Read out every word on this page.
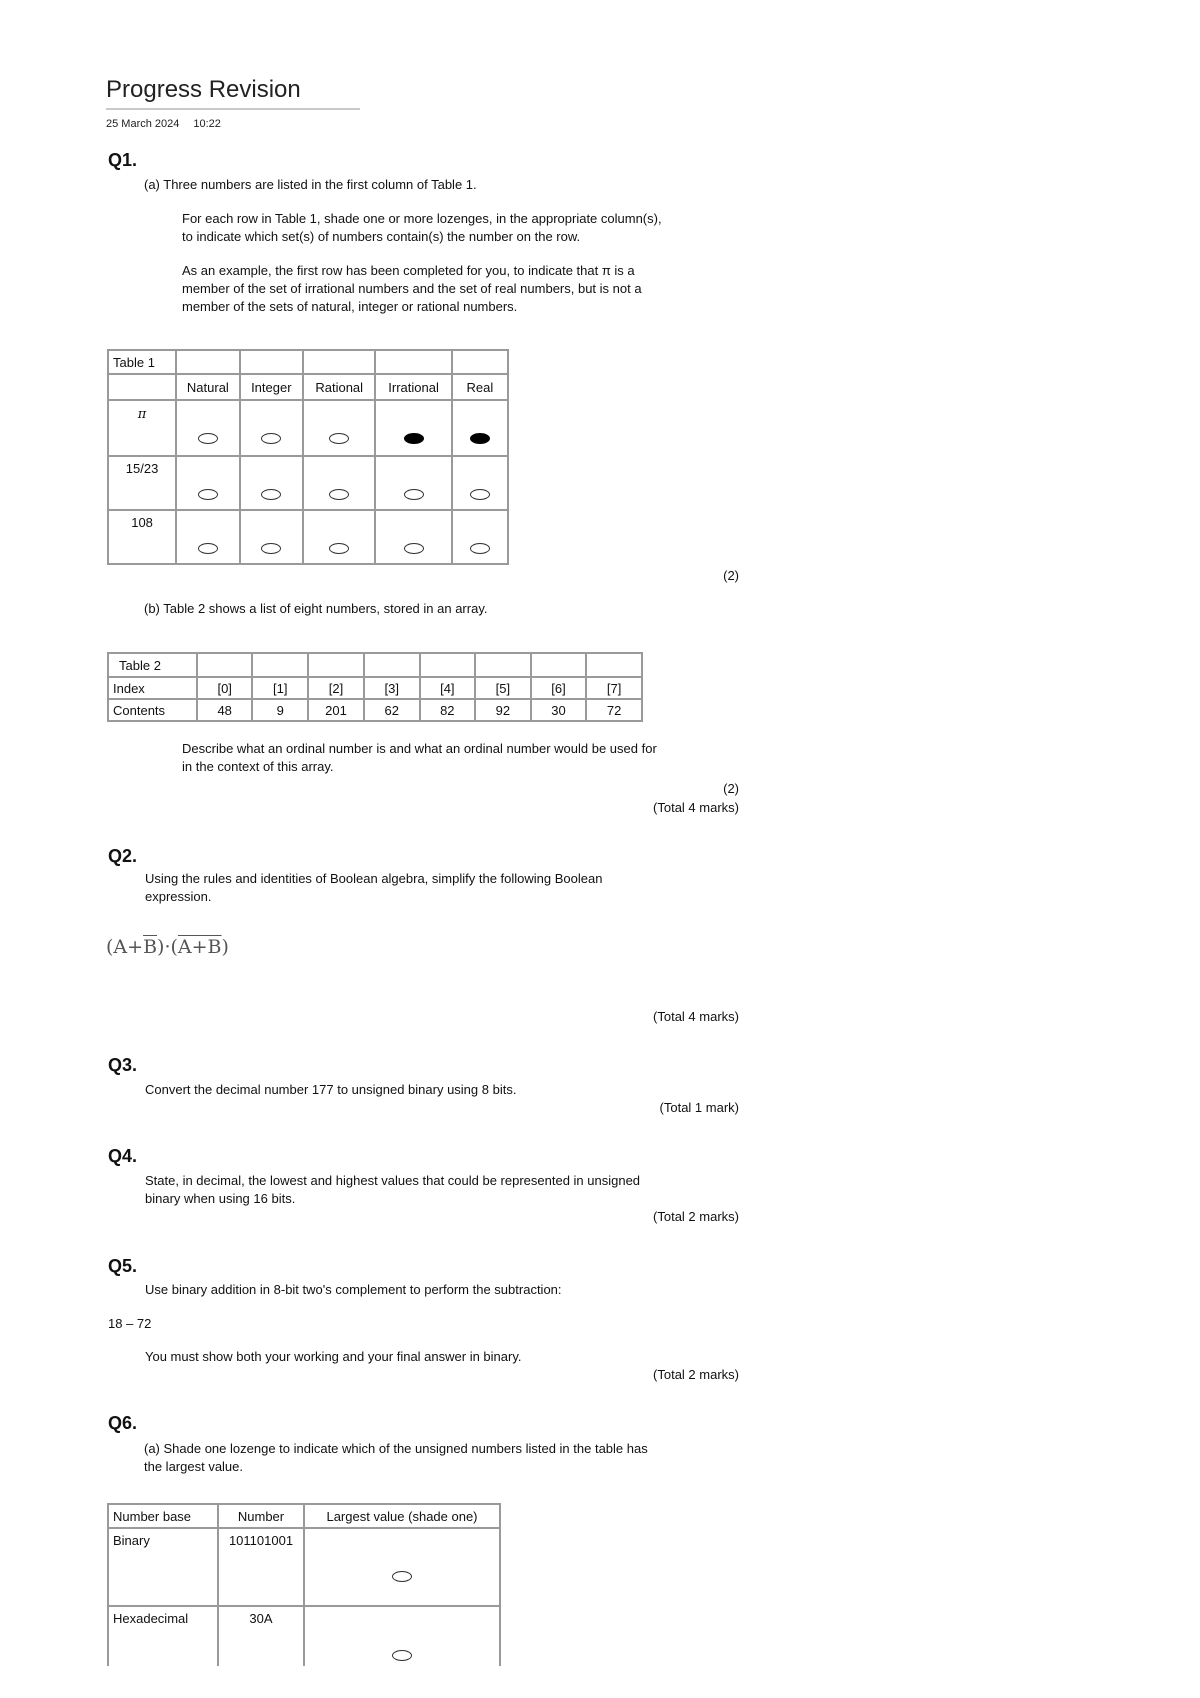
Progress Revision
25 March 2024 10:22
Q1.
(a) Three numbers are listed in the first column of Table 1.
For each row in Table 1, shade one or more lozenges, in the appropriate column(s),
to indicate which set(s) of numbers contain(s) the number on the row.
As an example, the first row has been completed for you, to indicate that π is a
member of the set of irrational numbers and the set of real numbers, but is not a
member of the sets of natural, integer or rational numbers.
Table 1					
	Natural	Integer	Rational	Irrational	Real
π					
15/23					
108					
(2)
(b) Table 2 shows a list of eight numbers, stored in an array.
Table 2								
Index	[0]	[1]	[2]	[3]	[4]	[5]	[6]	[7]
Contents	48	9	201	62	82	92	30	72
Describe what an ordinal number is and what an ordinal number would be used for
in the context of this array.
(2)
(Total 4 marks)
Q2.
Using the rules and identities of Boolean algebra, simplify the following Boolean
expression.
$(A+\overline{B})\cdot(A+B)$
(Total 4 marks)
Q3.
Convert the decimal number 177 to unsigned binary using 8 bits.
(Total 1 mark)
Q4.
State, in decimal, the lowest and highest values that could be represented in unsigned
binary when using 16 bits.
(Total 2 marks)
Q5.
Use binary addition in 8-bit two's complement to perform the subtraction:
18 – 72
You must show both your working and your final answer in binary.
(Total 2 marks)
Q6.
(a) Shade one lozenge to indicate which of the unsigned numbers listed in the table has
the largest value.
Number base	Number	Largest value (shade one)
Binary	101101001	
Hexadecimal	30A	
